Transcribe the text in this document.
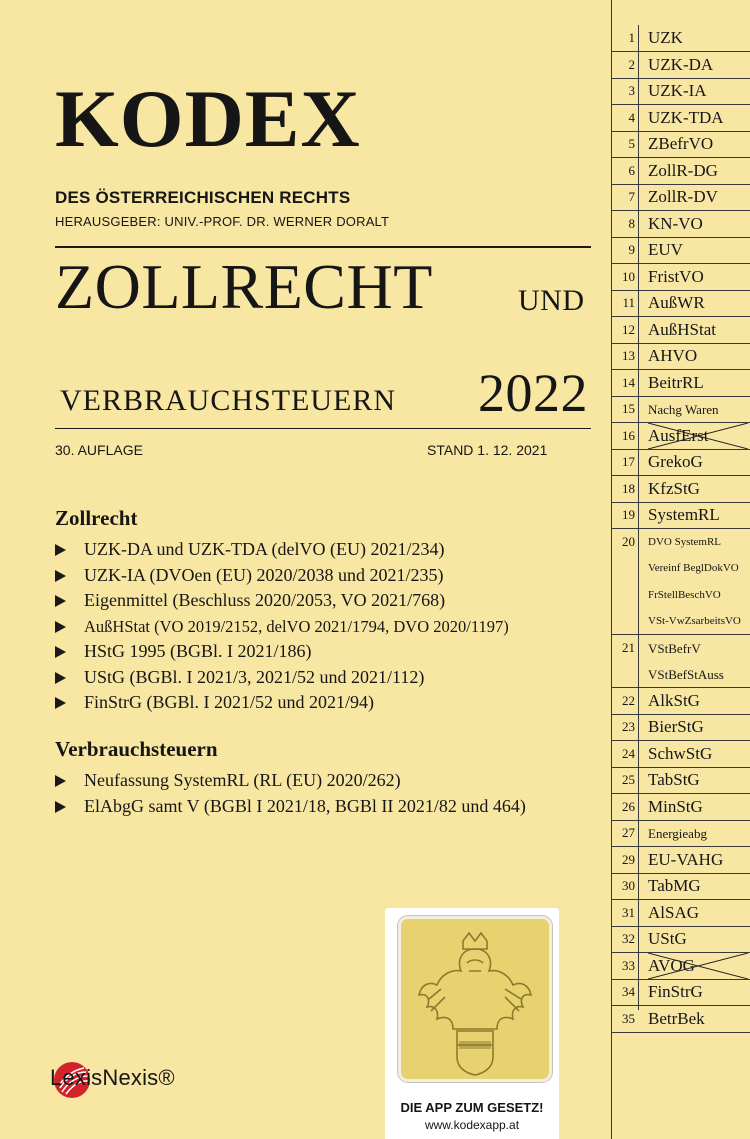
KODEX
DES ÖSTERREICHISCHEN RECHTS
HERAUSGEBER: UNIV.-PROF. DR. WERNER DORALT
ZOLLRECHT	UND
VERBRAUCHSTEUERN 2022
30. AUFLAGE	STAND 1. 12. 2021
Zollrecht
UZK-DA und UZK-TDA (delVO (EU) 2021/234)
UZK-IA (DVOen (EU) 2020/2038 und 2021/235)
Eigenmittel (Beschluss 2020/2053, VO 2021/768)
AußHStat (VO 2019/2152, delVO 2021/1794, DVO 2020/1197)
HStG 1995 (BGBl. I 2021/186)
UStG (BGBl. I 2021/3, 2021/52 und 2021/112)
FinStrG (BGBl. I 2021/52 und 2021/94)
Verbrauchsteuern
Neufassung SystemRL (RL (EU) 2020/262)
ElAbgG samt V (BGBl I 2021/18, BGBl II 2021/82 und 464)
1 UZK
2 UZK-DA
3 UZK-IA
4 UZK-TDA
5 ZBefrVO
6 ZollR-DG
7 ZollR-DV
8 KN-VO
9 EUV
10 FristVO
11 AußWR
12 AußHStat
13 AHVO
14 BeitrRL
15 Nachg Waren
16 AusfErst
17 GrekoG
18 KfzStG
19 SystemRL
20 DVO SystemRL
Vereinf BeglDokVO
FrStellBeschVO
VSt-VwZsarbeitsVO
21 VStBefrV
VStBefStAuss
22 AlkStG
23 BierStG
24 SchwStG
25 TabStG
26 MinStG
27 Energieabg
29 EU-VAHG
30 TabMG
31 AlSAG
32 UStG
33 AVOG
34 FinStrG
35 BetrBek
DIE APP ZUM GESETZ!
www.kodexapp.at
LexisNexis®
